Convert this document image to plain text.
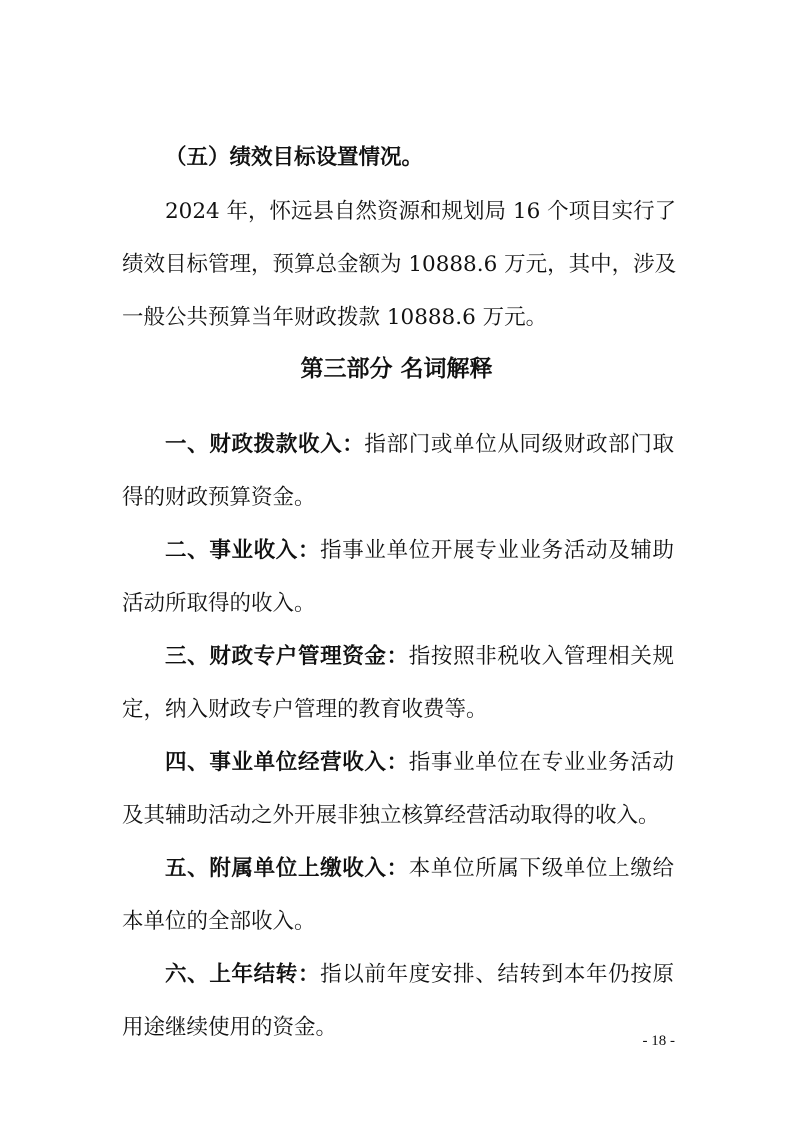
（五）绩效目标设置情况。
2024 年，怀远县自然资源和规划局 16 个项目实行了
绩效目标管理，预算总金额为 10888.6 万元，其中，涉及
一般公共预算当年财政拨款 10888.6 万元。
第三部分 名词解释
一、财政拨款收入：指部门或单位从同级财政部门取
得的财政预算资金。
二、事业收入：指事业单位开展专业业务活动及辅助
活动所取得的收入。
三、财政专户管理资金：指按照非税收入管理相关规
定，纳入财政专户管理的教育收费等。
四、事业单位经营收入：指事业单位在专业业务活动
及其辅助活动之外开展非独立核算经营活动取得的收入。
五、附属单位上缴收入：本单位所属下级单位上缴给
本单位的全部收入。
六、上年结转：指以前年度安排、结转到本年仍按原
用途继续使用的资金。
- 18 -
